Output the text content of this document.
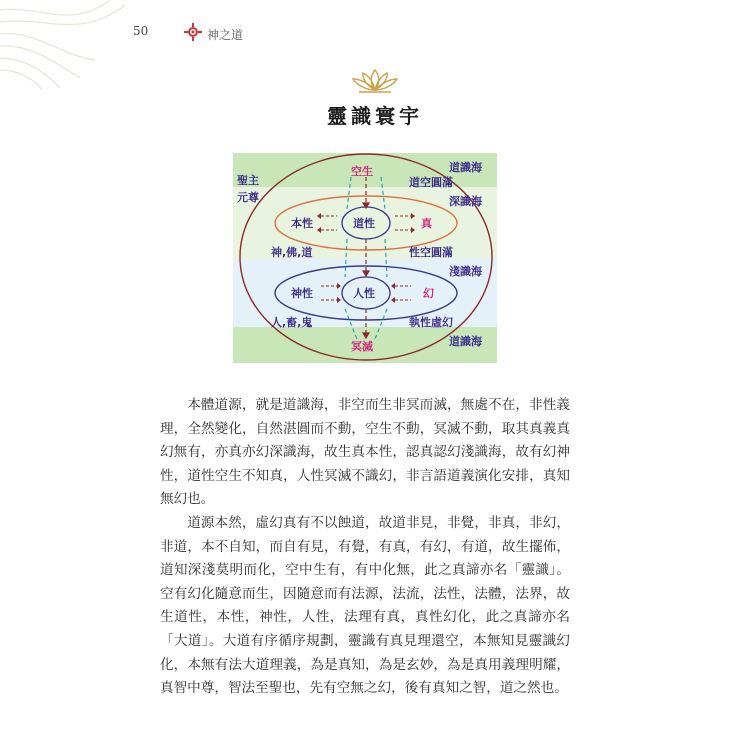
50	神之道
靈識寰宇
道識海
聖主
元尊
空生
道空圓滿
深識海
本性	道性	真
神,佛,道	性空圓滿
淺識海
神性	人性	幻
人,畜,鬼	執性虛幻
冥滅	道識海

本體道源，就是道識海，非空而生非冥而滅，無處不在，非性義理，全然變化，自然湛圓而不動，空生不動，冥滅不動，取其真義真幻無有，亦真亦幻深識海，故生真本性，認真認幻淺識海，故有幻神性，道性空生不知真，人性冥滅不識幻，非言語道義演化安排，真知無幻也。

道源本然，虛幻真有不以蝕道，故道非見，非覺，非真，非幻，非道，本不自知，而自有見，有覺，有真，有幻，有道，故生擺佈，道知深淺莫明而化，空中生有，有中化無，此之真諦亦名「靈識」。空有幻化隨意而生，因隨意而有法源，法流，法性，法體，法界，故生道性，本性，神性，人性，法理有真，真性幻化，此之真諦亦名「大道」。大道有序循序規劃，靈識有真見理還空，本無知見靈識幻化，本無有法大道理義，為是真知，為是玄妙，為是真用義理明耀，真智中尊，智法至聖也，先有空無之幻，後有真知之智，道之然也。
